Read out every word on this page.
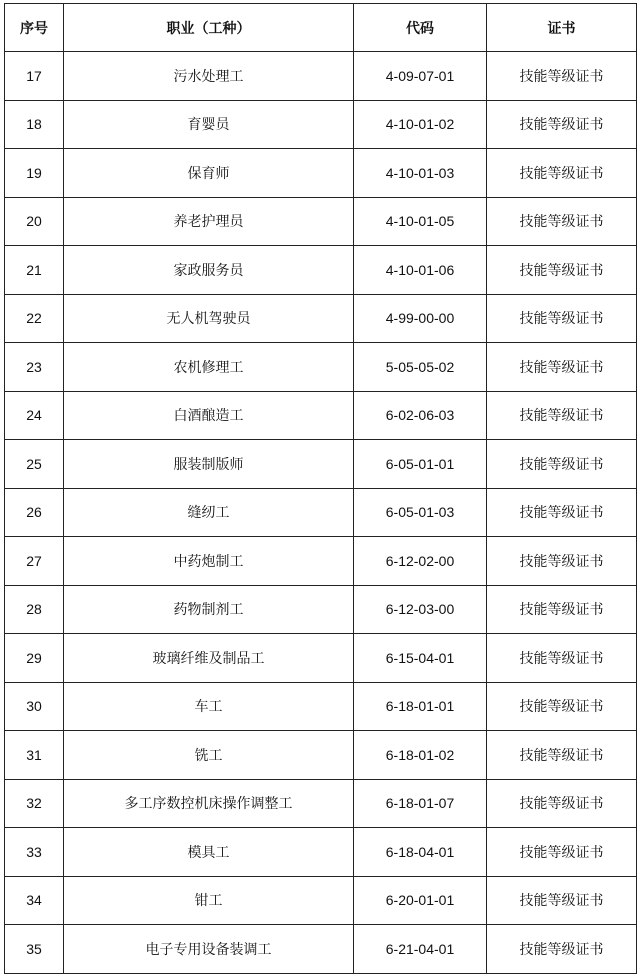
序号	职业（工种）	代码	证书
17	污水处理工	4-09-07-01	技能等级证书
18	育婴员	4-10-01-02	技能等级证书
19	保育师	4-10-01-03	技能等级证书
20	养老护理员	4-10-01-05	技能等级证书
21	家政服务员	4-10-01-06	技能等级证书
22	无人机驾驶员	4-99-00-00	技能等级证书
23	农机修理工	5-05-05-02	技能等级证书
24	白酒酿造工	6-02-06-03	技能等级证书
25	服装制版师	6-05-01-01	技能等级证书
26	缝纫工	6-05-01-03	技能等级证书
27	中药炮制工	6-12-02-00	技能等级证书
28	药物制剂工	6-12-03-00	技能等级证书
29	玻璃纤维及制品工	6-15-04-01	技能等级证书
30	车工	6-18-01-01	技能等级证书
31	铣工	6-18-01-02	技能等级证书
32	多工序数控机床操作调整工	6-18-01-07	技能等级证书
33	模具工	6-18-04-01	技能等级证书
34	钳工	6-20-01-01	技能等级证书
35	电子专用设备装调工	6-21-04-01	技能等级证书
